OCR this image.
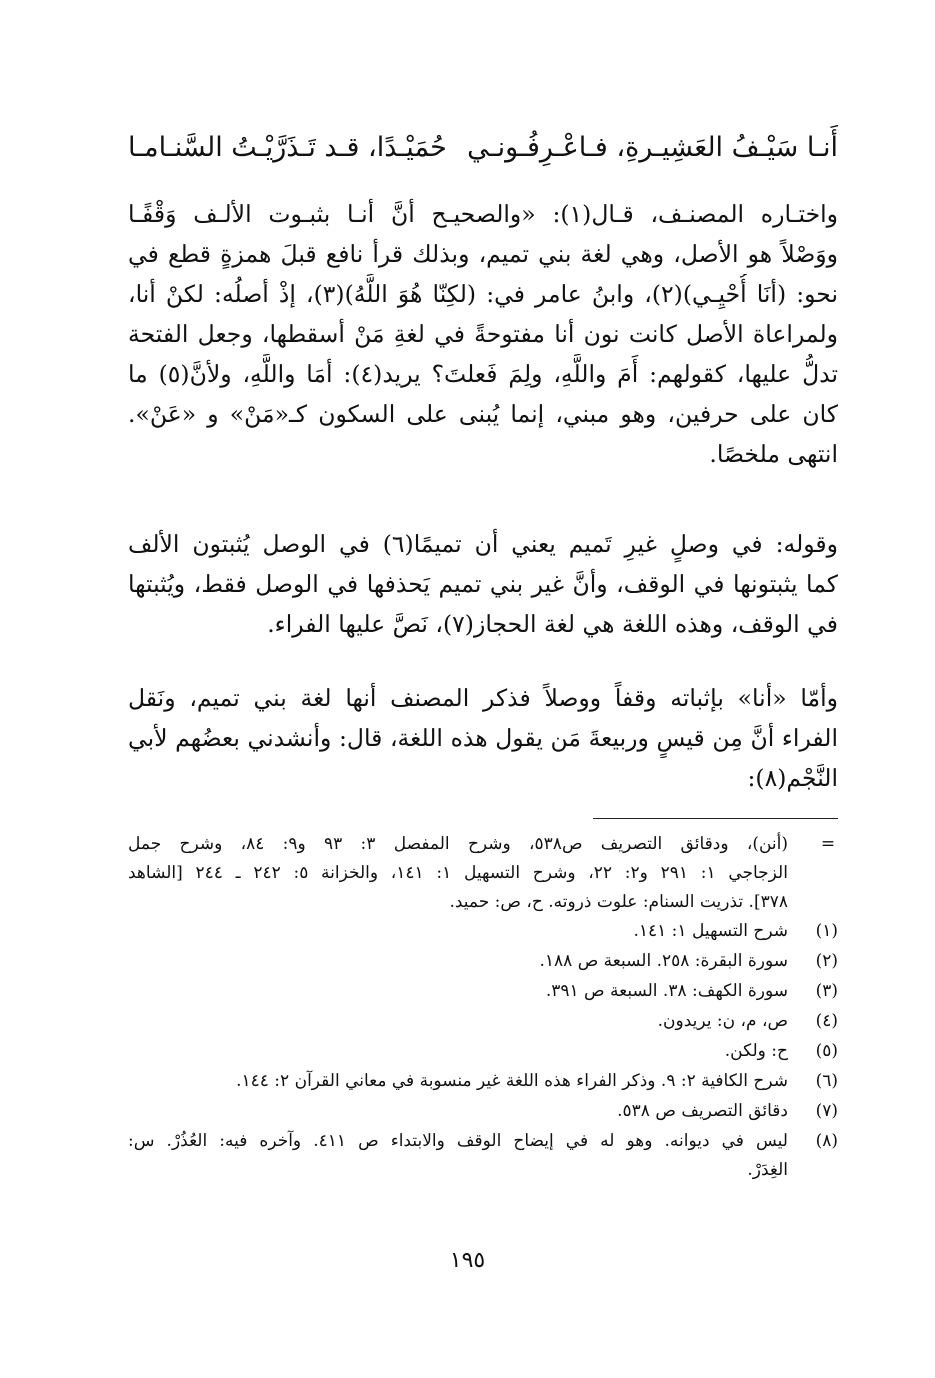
أَنـا سَيْـفُ العَشِيـرةِ، فـاعْـرِفُـونـي
حُمَيْـدًا، قـد تَـذَرَّيْـتُ السَّنـامـا
واختـاره المصنـف، قـال(١): «والصحيـح أنَّ أنـا بثبـوت الألـف وَقْفًـا
ووَصْلاً هو الأصل، وهي لغة بني تميم، وبذلك قرأ نافع قبلَ همزةٍ قطع في
نحو: (أنَا أُحْيِـي)(٢)، وابنُ عامر في: (لكِنّا هُوَ اللَّهُ)(٣)، إذْ أصلُه: لكنْ أنا،
ولمراعاة الأصل كانت نون أنا مفتوحةً في لغةِ مَنْ أسقطها، وجعل الفتحة
تدلُّ عليها، كقولهم: أَمَ واللَّهِ، ولِمَ فَعلتَ؟ يريد(٤): أمَا واللَّهِ، ولأنَّ(٥) ما
كان على حرفين، وهو مبني، إنما يُبنى على السكون كـ«مَنْ» و «عَنْ».
انتهى ملخصًا.
وقوله: في وصلٍ غيرِ تَميم يعني أن تميمًا(٦) في الوصل يُثبتون الألف
كما يثبتونها في الوقف، وأنَّ غير بني تميم يَحذفها في الوصل فقط، ويُثبتها
في الوقف، وهذه اللغة هي لغة الحجاز(٧)، نَصَّ عليها الفراء.
وأمّا «أنا» بإثباته وقفاً ووصلاً فذكر المصنف أنها لغة بني تميم، ونَقل
الفراء أنَّ مِن قيسٍ وربيعةَ مَن يقول هذه اللغة، قال: وأنشدني بعضُهم لأبي
النَّجْم(٨):
=
(أنن)، ودقائق التصريف ص٥٣٨، وشرح المفصل ٣: ٩٣ و٩: ٨٤، وشرح جمل
الزجاجي ١: ٢٩١ و٢: ٢٢، وشرح التسهيل ١: ١٤١، والخزانة ٥: ٢٤٢ ـ ٢٤٤ [الشاهد
٣٧٨]. تذريت السنام: علوت ذروته. ح، ص: حميد.
(١)
شرح التسهيل ١: ١٤١.
(٢)
سورة البقرة: ٢٥٨. السبعة ص ١٨٨.
(٣)
سورة الكهف: ٣٨. السبعة ص ٣٩١.
(٤)
ص، م، ن: يريدون.
(٥)
ح: ولكن.
(٦)
شرح الكافية ٢: ٩. وذكر الفراء هذه اللغة غير منسوبة في معاني القرآن ٢: ١٤٤.
(٧)
دقائق التصريف ص ٥٣٨.
(٨)
ليس في ديوانه. وهو له في إيضاح الوقف والابتداء ص ٤١١. وآخره فيه: العُذُرْ. س:
الغِدَرْ.
١٩٥
